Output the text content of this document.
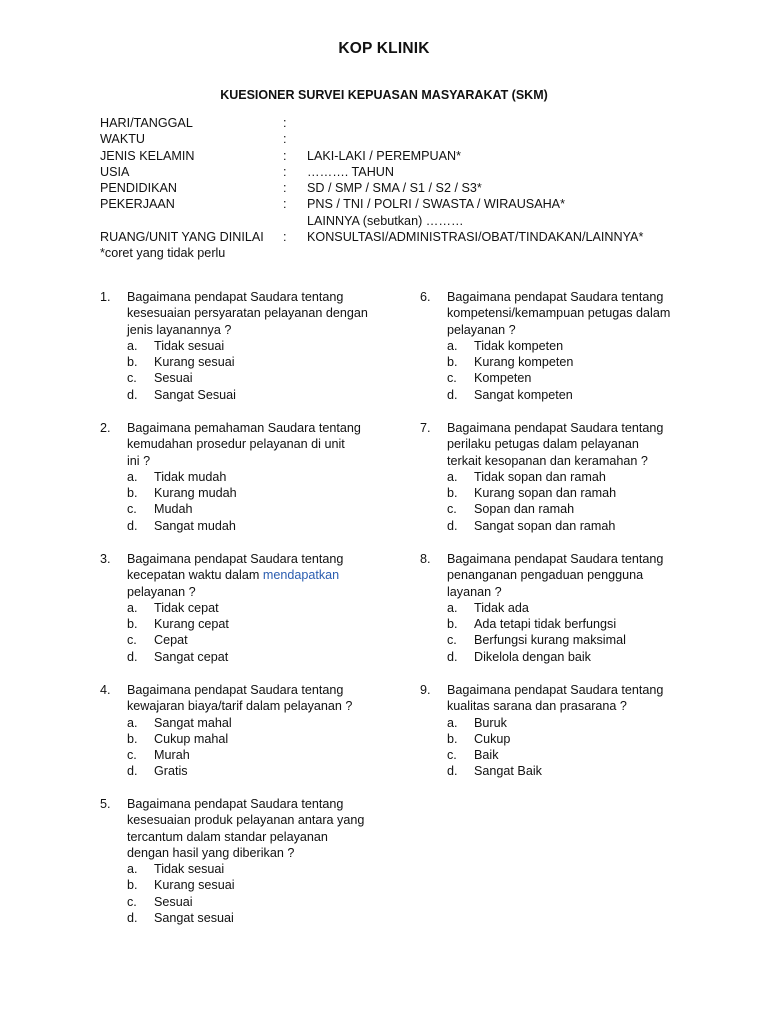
KOP KLINIK
KUESIONER SURVEI KEPUASAN MASYARAKAT (SKM)
HARI/TANGGAL	:
WAKTU	:
JENIS KELAMIN	:	LAKI-LAKI / PEREMPUAN*
USIA	:	………. TAHUN
PENDIDIKAN	:	SD / SMP / SMA / S1 / S2 / S3*
PEKERJAAN	:	PNS / TNI / POLRI / SWASTA / WIRAUSAHA*
LAINNYA (sebutkan) ………
RUANG/UNIT YANG DINILAI	:	KONSULTASI/ADMINISTRASI/OBAT/TINDAKAN/LAINNYA*
*coret yang tidak perlu
1.	Bagaimana pendapat Saudara tentang
kesesuaian persyaratan pelayanan dengan
jenis layanannya ?
a.	Tidak sesuai
b.	Kurang sesuai
c.	Sesuai
d.	Sangat Sesuai
2.	Bagaimana pemahaman Saudara tentang
kemudahan prosedur pelayanan di unit
ini ?
a.	Tidak mudah
b.	Kurang mudah
c.	Mudah
d.	Sangat mudah
3.	Bagaimana pendapat Saudara tentang
kecepatan waktu dalam mendapatkan
pelayanan ?
a.	Tidak cepat
b.	Kurang cepat
c.	Cepat
d.	Sangat cepat
4.	Bagaimana pendapat Saudara tentang
kewajaran biaya/tarif dalam pelayanan ?
a.	Sangat mahal
b.	Cukup mahal
c.	Murah
d.	Gratis
5.	Bagaimana pendapat Saudara tentang
kesesuaian produk pelayanan antara yang
tercantum dalam standar pelayanan
dengan hasil yang diberikan ?
a.	Tidak sesuai
b.	Kurang sesuai
c.	Sesuai
d.	Sangat sesuai
6.	Bagaimana pendapat Saudara tentang
kompetensi/kemampuan petugas dalam
pelayanan ?
a.	Tidak kompeten
b.	Kurang kompeten
c.	Kompeten
d.	Sangat kompeten
7.	Bagaimana pendapat Saudara tentang
perilaku petugas dalam pelayanan
terkait kesopanan dan keramahan ?
a.	Tidak sopan dan ramah
b.	Kurang sopan dan ramah
c.	Sopan dan ramah
d.	Sangat sopan dan ramah
8.	Bagaimana pendapat Saudara tentang
penanganan pengaduan pengguna
layanan ?
a.	Tidak ada
b.	Ada tetapi tidak berfungsi
c.	Berfungsi kurang maksimal
d.	Dikelola dengan baik
9.	Bagaimana pendapat Saudara tentang
kualitas sarana dan prasarana ?
a.	Buruk
b.	Cukup
c.	Baik
d.	Sangat Baik
